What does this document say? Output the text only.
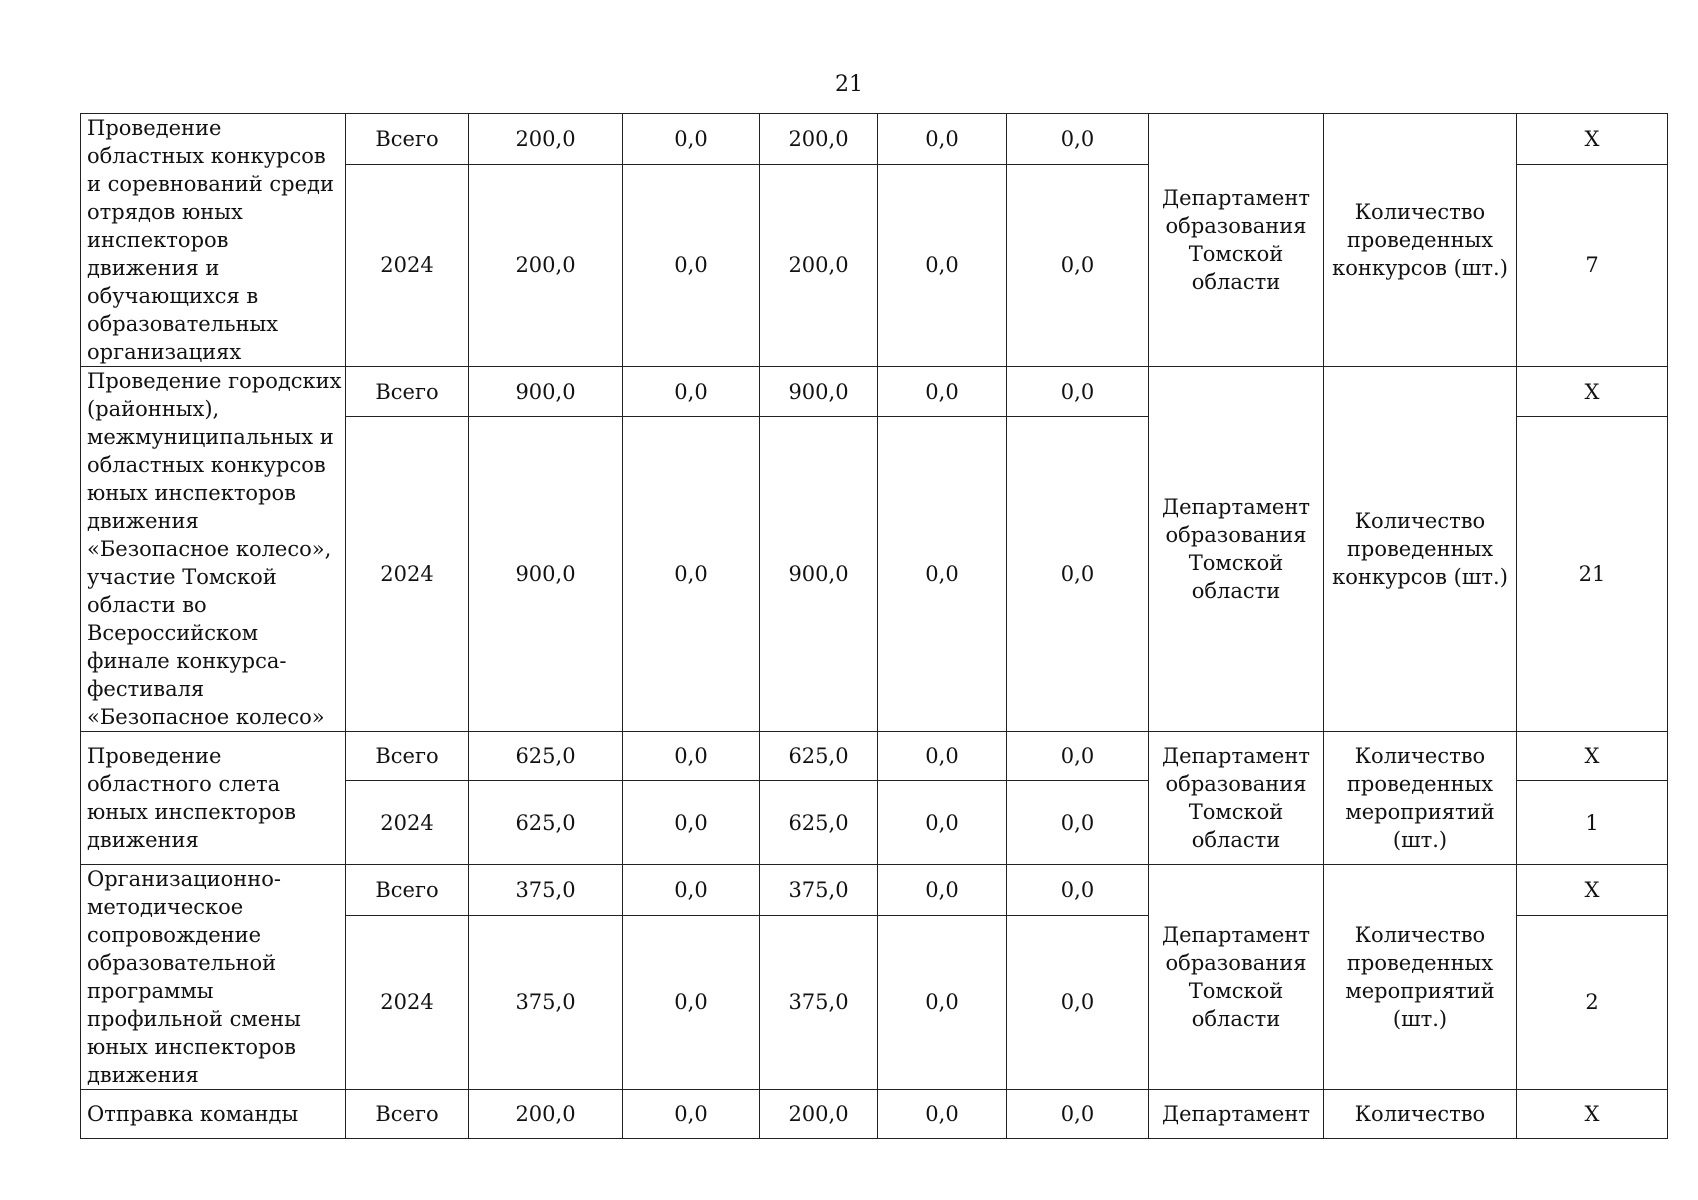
21
Проведение областных конкурсов и соревнований среди отрядов юных инспекторов движения и обучающихся в образовательных организациях	Всего	200,0	0,0	200,0	0,0	0,0	Департамент образования Томской области	Количество проведенных конкурсов (шт.)	X
	2024	200,0	0,0	200,0	0,0	0,0			7
Проведение городских (районных), межмуниципальных и областных конкурсов юных инспекторов движения «Безопасное колесо», участие Томской области во Всероссийском финале конкурса-фестиваля «Безопасное колесо»	Всего	900,0	0,0	900,0	0,0	0,0	Департамент образования Томской области	Количество проведенных конкурсов (шт.)	X
	2024	900,0	0,0	900,0	0,0	0,0			21
Проведение областного слета юных инспекторов движения	Всего	625,0	0,0	625,0	0,0	0,0	Департамент образования Томской области	Количество проведенных мероприятий (шт.)	X
	2024	625,0	0,0	625,0	0,0	0,0			1
Организационно-методическое сопровождение образовательной программы профильной смены юных инспекторов движения	Всего	375,0	0,0	375,0	0,0	0,0	Департамент образования Томской области	Количество проведенных мероприятий (шт.)	X
	2024	375,0	0,0	375,0	0,0	0,0			2
Отправка команды	Всего	200,0	0,0	200,0	0,0	0,0	Департамент	Количество	X
